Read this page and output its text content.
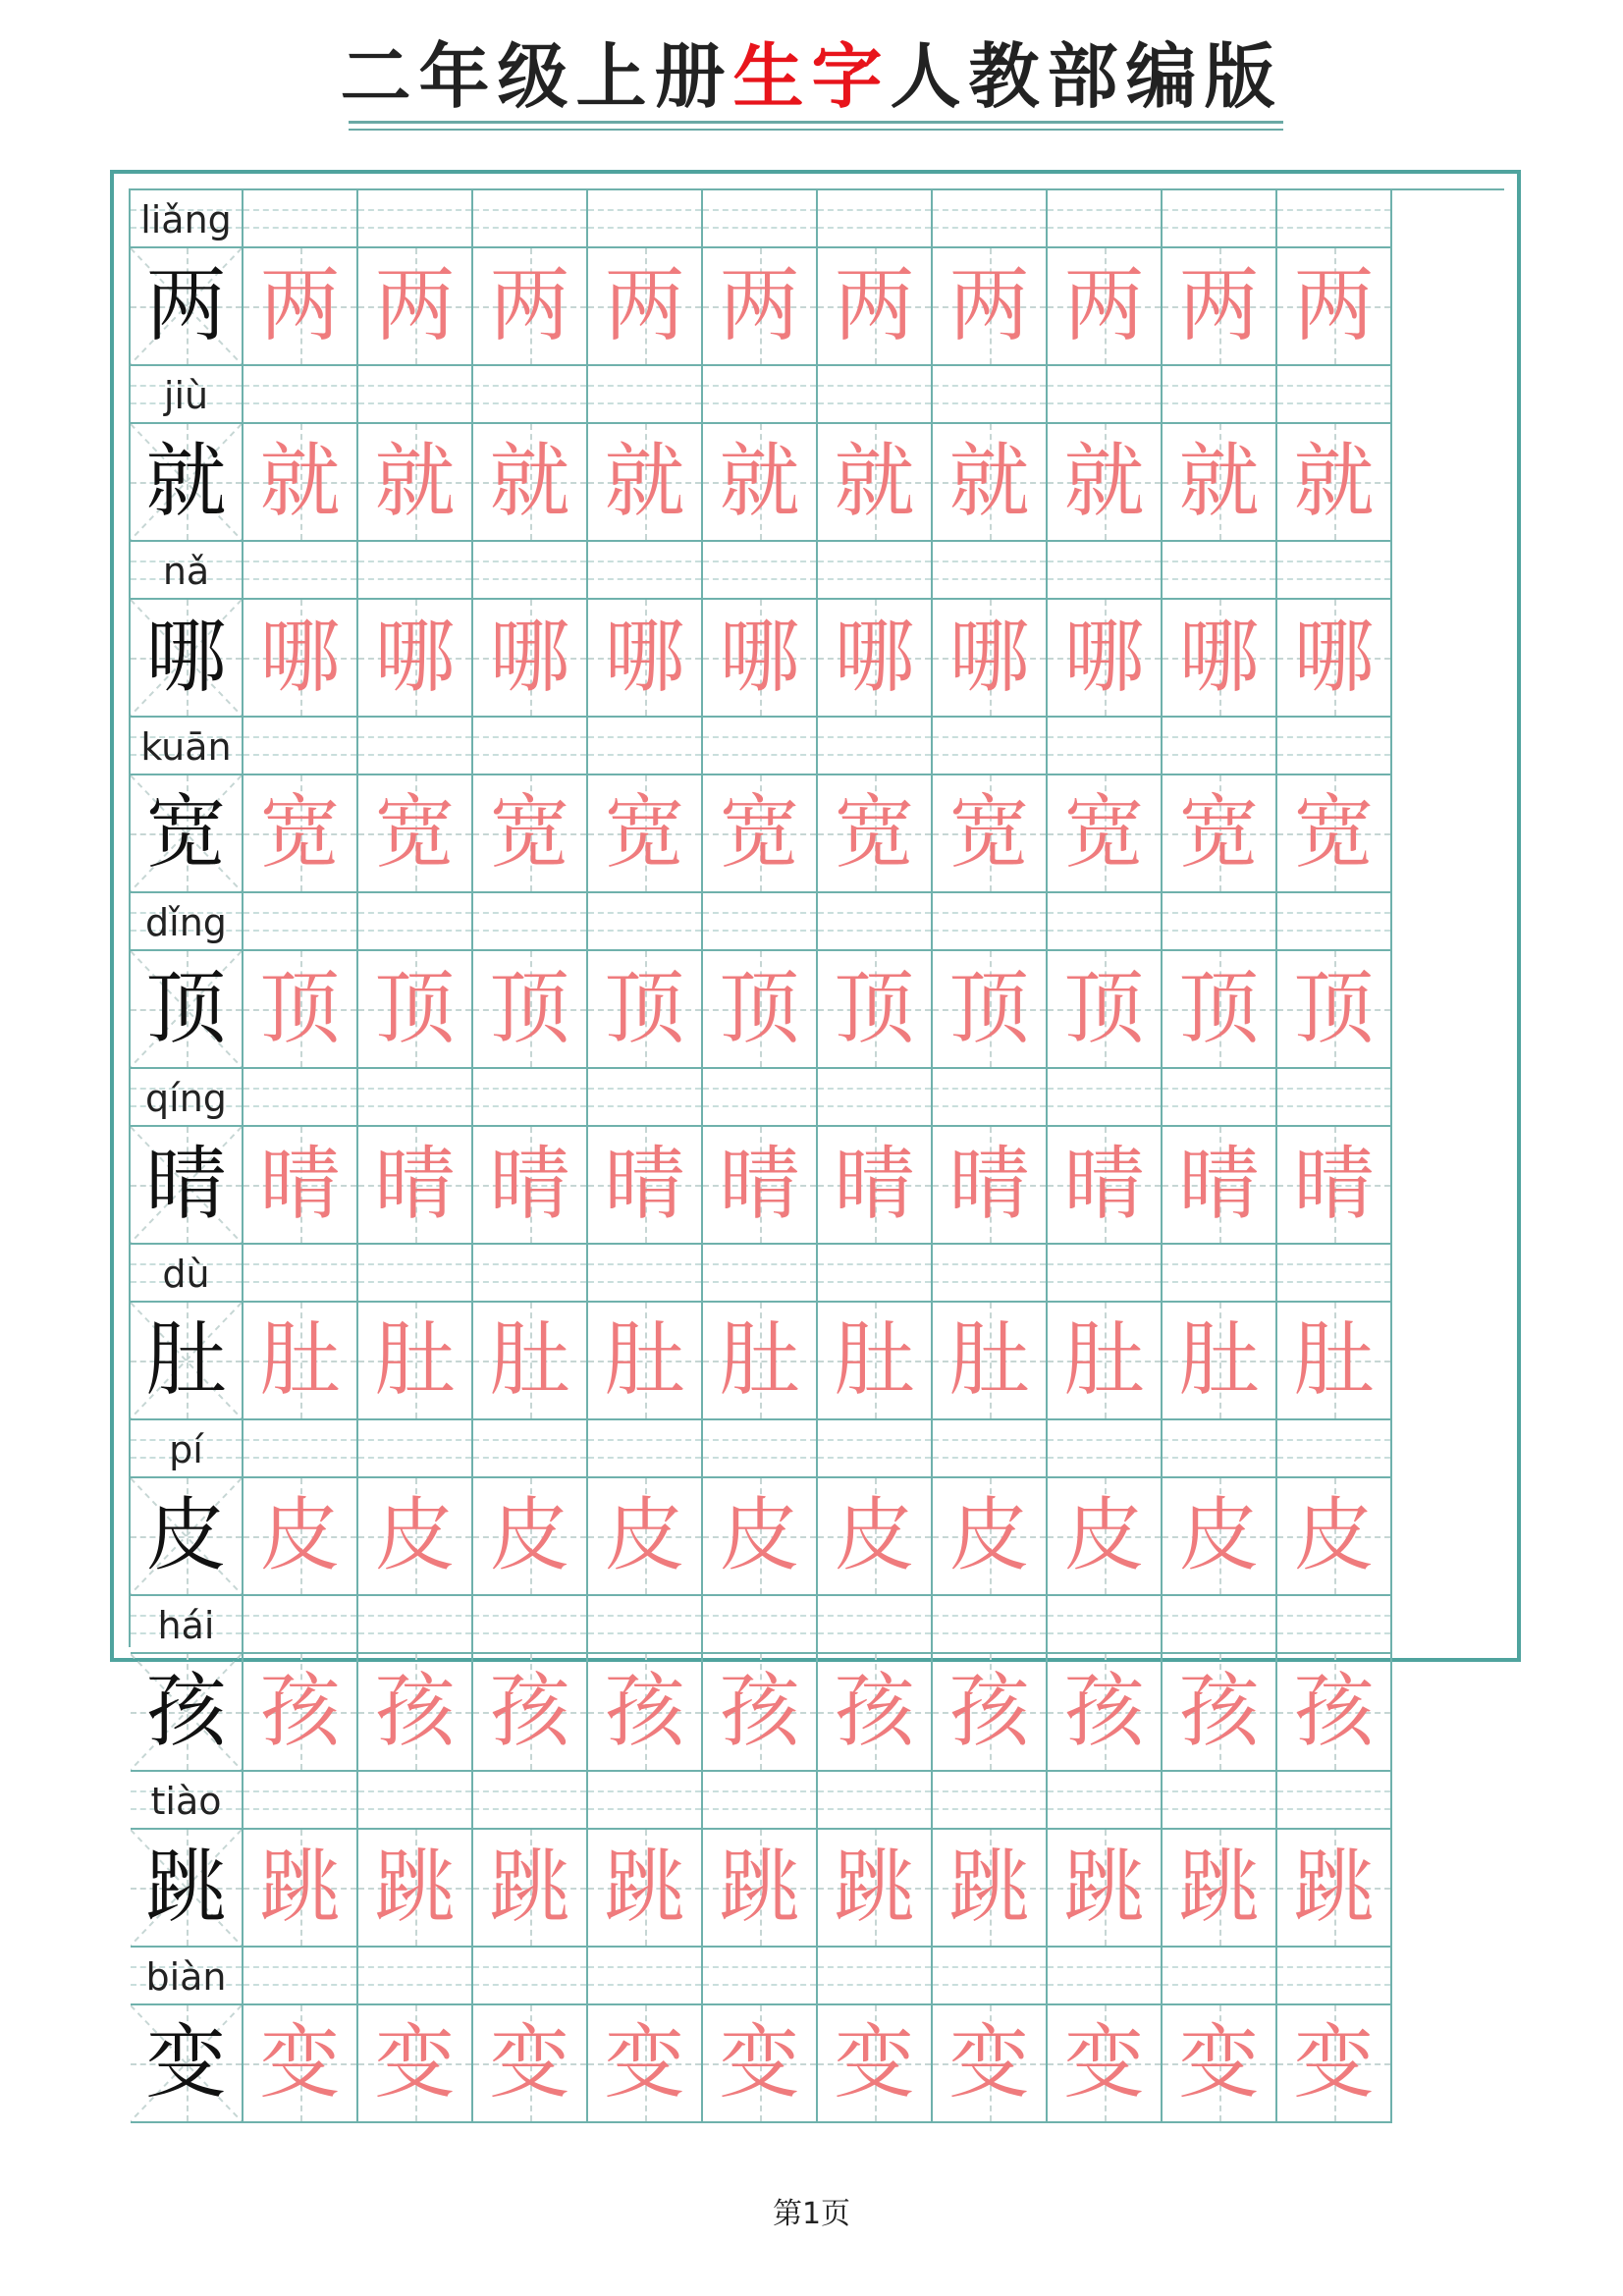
二年级上册生字人教部编版
liǎng
两 两 两 两 两 两 两 两 两 两 两
jiù
就 就 就 就 就 就 就 就 就 就 就
nǎ
哪 哪 哪 哪 哪 哪 哪 哪 哪 哪 哪
kuān
宽 宽 宽 宽 宽 宽 宽 宽 宽 宽 宽
dǐng
顶 顶 顶 顶 顶 顶 顶 顶 顶 顶 顶
qíng
晴 晴 晴 晴 晴 晴 晴 晴 晴 晴 晴
dù
肚 肚 肚 肚 肚 肚 肚 肚 肚 肚 肚
pí
皮 皮 皮 皮 皮 皮 皮 皮 皮 皮 皮
hái
孩 孩 孩 孩 孩 孩 孩 孩 孩 孩 孩
tiào
跳 跳 跳 跳 跳 跳 跳 跳 跳 跳 跳
biàn
变 变 变 变 变 变 变 变 变 变 变
第1页
